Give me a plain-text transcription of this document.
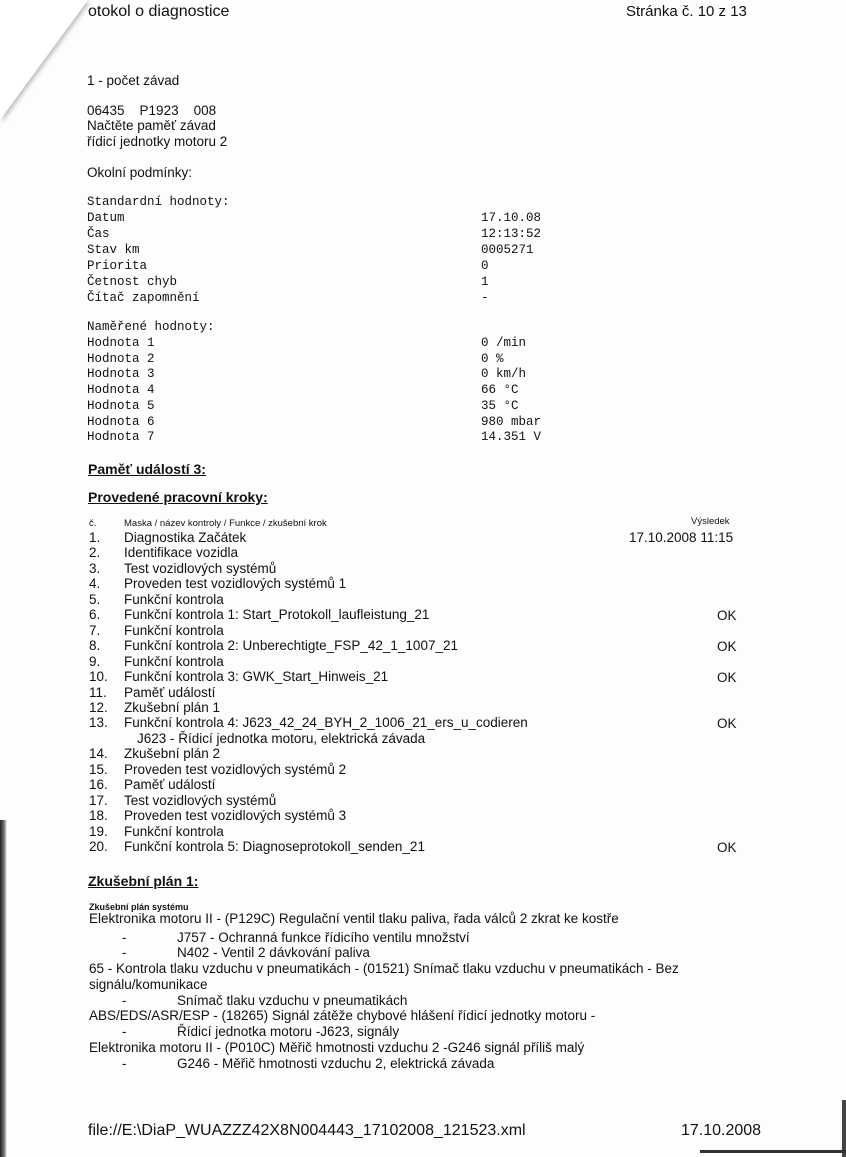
otokol o diagnostice	Stránka č. 10 z 13
1 - počet závad
06435    P1923    008
Načtěte paměť závad
řídicí jednotky motoru 2
Okolní podmínky:
Standardní hodnoty:
Naměřené hodnoty:
Paměť událostí 3:
Provedené pracovní kroky:
č.	Maska / název kontroly / Funkce / zkušební krok	Výsledek
Zkušební plán 1:
Zkušební plán systému
file://E:\DiaP_WUAZZZ42X8N004443_17102008_121523.xml	17.10.2008
Datum	17.10.08
Čas	12:13:52
Stav km	0005271
Priorita	0
Četnost chyb	1
Čítač zapomnění	-
Hodnota 1	0 /min
Hodnota 2	0 %
Hodnota 3	0 km/h
Hodnota 4	66 °C
Hodnota 5	35 °C
Hodnota 6	980 mbar
Hodnota 7	14.351 V
1. Diagnostika Začátek	17.10.2008 11:15
2. Identifikace vozidla
3. Test vozidlových systémů
4. Proveden test vozidlových systémů 1
5. Funkční kontrola
6. Funkční kontrola 1: Start_Protokoll_laufleistung_21	OK
7. Funkční kontrola
8. Funkční kontrola 2: Unberechtigte_FSP_42_1_1007_21	OK
9. Funkční kontrola
10. Funkční kontrola 3: GWK_Start_Hinweis_21	OK
11. Paměť událostí
12. Zkušební plán 1
13. Funkční kontrola 4: J623_42_24_BYH_2_1006_21_ers_u_codieren	OK
J623 - Řídicí jednotka motoru, elektrická závada
14. Zkušební plán 2
15. Proveden test vozidlových systémů 2
16. Paměť událostí
17. Test vozidlových systémů
18. Proveden test vozidlových systémů 3
19. Funkční kontrola
20. Funkční kontrola 5: Diagnoseprotokoll_senden_21	OK
Elektronika motoru II - (P129C) Regulační ventil tlaku paliva, řada válců 2 zkrat ke kostře
-	J757 - Ochranná funkce řídicího ventilu množství
-	N402 - Ventil 2 dávkování paliva
65 - Kontrola tlaku vzduchu v pneumatikách - (01521) Snímač tlaku vzduchu v pneumatikách - Bez
signálu/komunikace
-	Snímač tlaku vzduchu v pneumatikách
ABS/EDS/ASR/ESP - (18265) Signál zátěže chybové hlášení řídicí jednotky motoru -
-	Řídicí jednotka motoru -J623, signály
Elektronika motoru II - (P010C) Měřič hmotnosti vzduchu 2 -G246 signál příliš malý
-	G246 - Měřič hmotnosti vzduchu 2, elektrická závada
